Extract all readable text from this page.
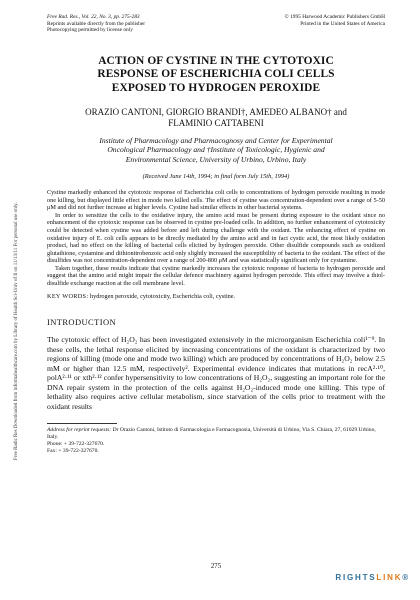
Free Radic Res Downloaded from informahealthcare.com by Library of Health Sci-Univ of Il on 11/13/11 For personal use only.
Free Rad. Res., Vol. 22, No. 3, pp. 275-283
Reprints available directly from the publisher
Photocopying permitted by license only
© 1995 Harwood Academic Publishers GmbH
Printed in the United States of America
ACTION OF CYSTINE IN THE CYTOTOXIC
RESPONSE OF ESCHERICHIA COLI CELLS
EXPOSED TO HYDROGEN PEROXIDE
ORAZIO CANTONI, GIORGIO BRANDI†, AMEDEO ALBANO† and
FLAMINIO CATTABENI
Institute of Pharmacology and Pharmacognosy and Center for Experimental
Oncological Pharmacology and †Institute of Toxicologic, Hygienic and
Environmental Science, University of Urbino, Urbino, Italy
(Received June 14th, 1994; in final form July 15th, 1994)

Cystine markedly enhanced the cytotoxic response of Escherichia coli cells to concentrations of hydrogen peroxide resulting in mode one killing, but displayed little effect in mode two killed cells. The effect of cystine was concentration-dependent over a range of 5-50 μM and did not further increase at higher levels. Cystine had similar effects in other bacterial systems.

In order to sensitize the cells to the oxidative injury, the amino acid must be present during exposure to the oxidant since no enhancement of the cytotoxic response can be observed in cystine pre-loaded cells. In addition, no further enhancement of cytotoxicity could be detected when cystine was added before and left during challenge with the oxidant. The enhancing effect of cystine on oxidative injury of E. coli cells appears to be directly mediated by the amino acid and in fact cystic acid, the most likely oxidation product, had no effect on the killing of bacterial cells elicited by hydrogen peroxide. Other disulfide compounds such as oxidized glutathione, cystamine and dithionitrobenzoic acid only slightly increased the susceptibility of bacteria to the oxidant. The effect of the disulfides was not concentration-dependent over a range of 200-800 μM and was statistically significant only for cystamine.

Taken together, these results indicate that cystine markedly increases the cytotoxic response of bacteria to hydrogen peroxide and suggest that the amino acid might impair the cellular defence machinery against hydrogen peroxide. This effect may involve a thiol-disulfide exchange reaction at the cell membrane level.

KEY WORDS: hydrogen peroxide, cytotoxicity, Escherichia coli, cystine.
INTRODUCTION

The cytotoxic effect of H₂O₂ has been investigated extensively in the microorganism Escherichia coli¹⁻⁹. In these cells, the lethal response elicited by increasing concentrations of the oxidant is characterized by two regions of killing (mode one and mode two killing) which are produced by concentrations of H₂O₂ below 2.5 mM or higher than 12.5 mM, respectively². Experimental evidence indicates that mutations in recA²·¹⁰, polA²·¹¹ or xth²·¹² confer hypersensitivity to low concentrations of H₂O₂, suggesting an important role for the DNA repair system in the protection of the cells against H₂O₂-induced mode one killing. This type of lethality also requires active cellular metabolism, since starvation of the cells prior to treatment with the oxidant results

Address for reprint requests: Dr Orazio Cantoni, Istituto di Farmacologia e Farmacognosia, Università di Urbino, Via S. Chiara, 27, 61029 Urbino, Italy.
Phone: + 39-722-327670.
Fax: + 39-722-327670.
275
RIGHTSLINK®
